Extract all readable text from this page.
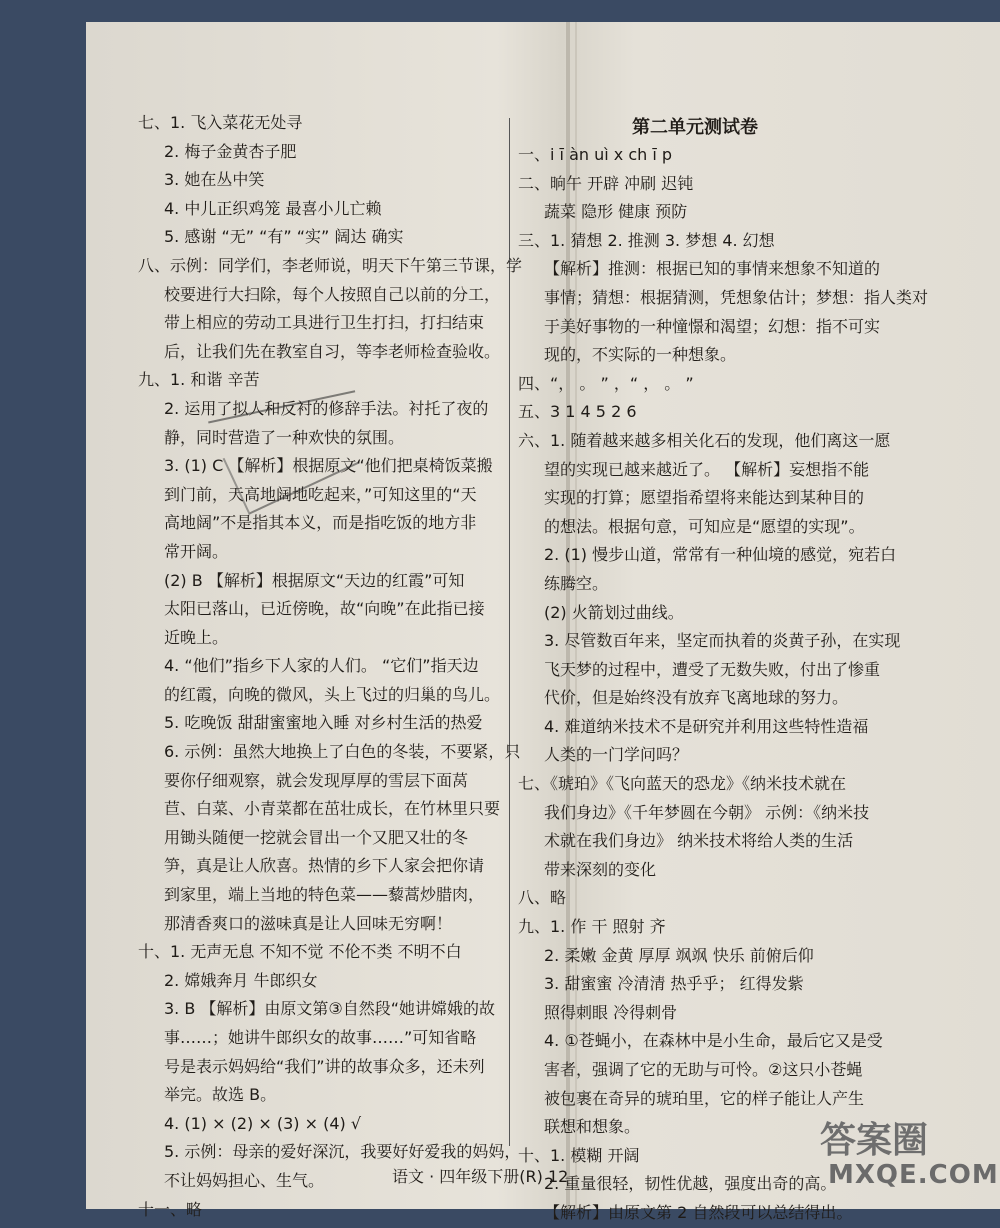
七、1. 飞入菜花无处寻
2. 梅子金黄杏子肥
3. 她在丛中笑
4. 中儿正织鸡笼 最喜小儿亡赖
5. 感谢 “无” “有” “实” 阔达 确实
八、示例：同学们，李老师说，明天下午第三节课，学
校要进行大扫除，每个人按照自己以前的分工，
带上相应的劳动工具进行卫生打扫，打扫结束
后，让我们先在教室自习，等李老师检查验收。
九、1. 和谐 辛苦
2. 运用了拟人和反衬的修辞手法。衬托了夜的
静，同时营造了一种欢快的氛围。
3. (1) C 【解析】根据原文“他们把桌椅饭菜搬
到门前，天高地阔地吃起来，”可知这里的“天
高地阔”不是指其本义，而是指吃饭的地方非
常开阔。
(2) B 【解析】根据原文“天边的红霞”可知
太阳已落山，已近傍晚，故“向晚”在此指已接
近晚上。
4. “他们”指乡下人家的人们。 “它们”指天边
的红霞，向晚的微风，头上飞过的归巢的鸟儿。
5. 吃晚饭 甜甜蜜蜜地入睡 对乡村生活的热爱
6. 示例：虽然大地换上了白色的冬装，不要紧，只
要你仔细观察，就会发现厚厚的雪层下面莴
苣、白菜、小青菜都在茁壮成长，在竹林里只要
用锄头随便一挖就会冒出一个又肥又壮的冬
笋，真是让人欣喜。热情的乡下人家会把你请
到家里，端上当地的特色菜——藜蒿炒腊肉，
那清香爽口的滋味真是让人回味无穷啊！
十、1. 无声无息 不知不觉 不伦不类 不明不白
2. 嫦娥奔月 牛郎织女
3. B 【解析】由原文第③自然段“她讲嫦娥的故
事……；她讲牛郎织女的故事……”可知省略
号是表示妈妈给“我们”讲的故事众多，还未列
举完。故选 B。
4. (1) × (2) × (3) × (4) √
5. 示例：母亲的爱好深沉，我要好好爱我的妈妈，
不让妈妈担心、生气。
十一、略
第二单元测试卷
一、i ī àn uì x ch ī p
二、晌午 开辟 冲刷 迟钝
蔬菜 隐形 健康 预防
三、1. 猜想 2. 推测 3. 梦想 4. 幻想
【解析】推测：根据已知的事情来想象不知道的
事情；猜想：根据猜测，凭想象估计；梦想：指人类对
于美好事物的一种憧憬和渴望；幻想：指不可实
现的，不实际的一种想象。
四、“， 。 ” ，“ ， 。 ”
五、3 1 4 5 2 6
六、1. 随着越来越多相关化石的发现，他们离这一愿
望的实现已越来越近了。 【解析】妄想指不能
实现的打算；愿望指希望将来能达到某种目的
的想法。根据句意，可知应是“愿望的实现”。
2. (1) 慢步山道，常常有一种仙境的感觉，宛若白
练腾空。
(2) 火箭划过曲线。
3. 尽管数百年来，坚定而执着的炎黄子孙，在实现
飞天梦的过程中，遭受了无数失败，付出了惨重
代价，但是始终没有放弃飞离地球的努力。
4. 难道纳米技术不是研究并利用这些特性造福
人类的一门学问吗？
七、《琥珀》《飞向蓝天的恐龙》《纳米技术就在
我们身边》《千年梦圆在今朝》 示例：《纳米技
术就在我们身边》 纳米技术将给人类的生活
带来深刻的变化
八、略
九、1. 作 干 照射 齐
2. 柔嫩 金黄 厚厚 飒飒 快乐 前俯后仰
3. 甜蜜蜜 冷清清 热乎乎； 红得发紫
照得刺眼 冷得刺骨
4. ①苍蝇小，在森林中是小生命，最后它又是受
害者，强调了它的无助与可怜。②这只小苍蝇
被包裹在奇异的琥珀里，它的样子能让人产生
联想和想象。
十、1. 模糊 开阔
2. 重量很轻，韧性优越，强度出奇的高。
【解析】由原文第 2 自然段可以总结得出。
语文 · 四年级下册(R) 12
答案圈
MXQE.COM
